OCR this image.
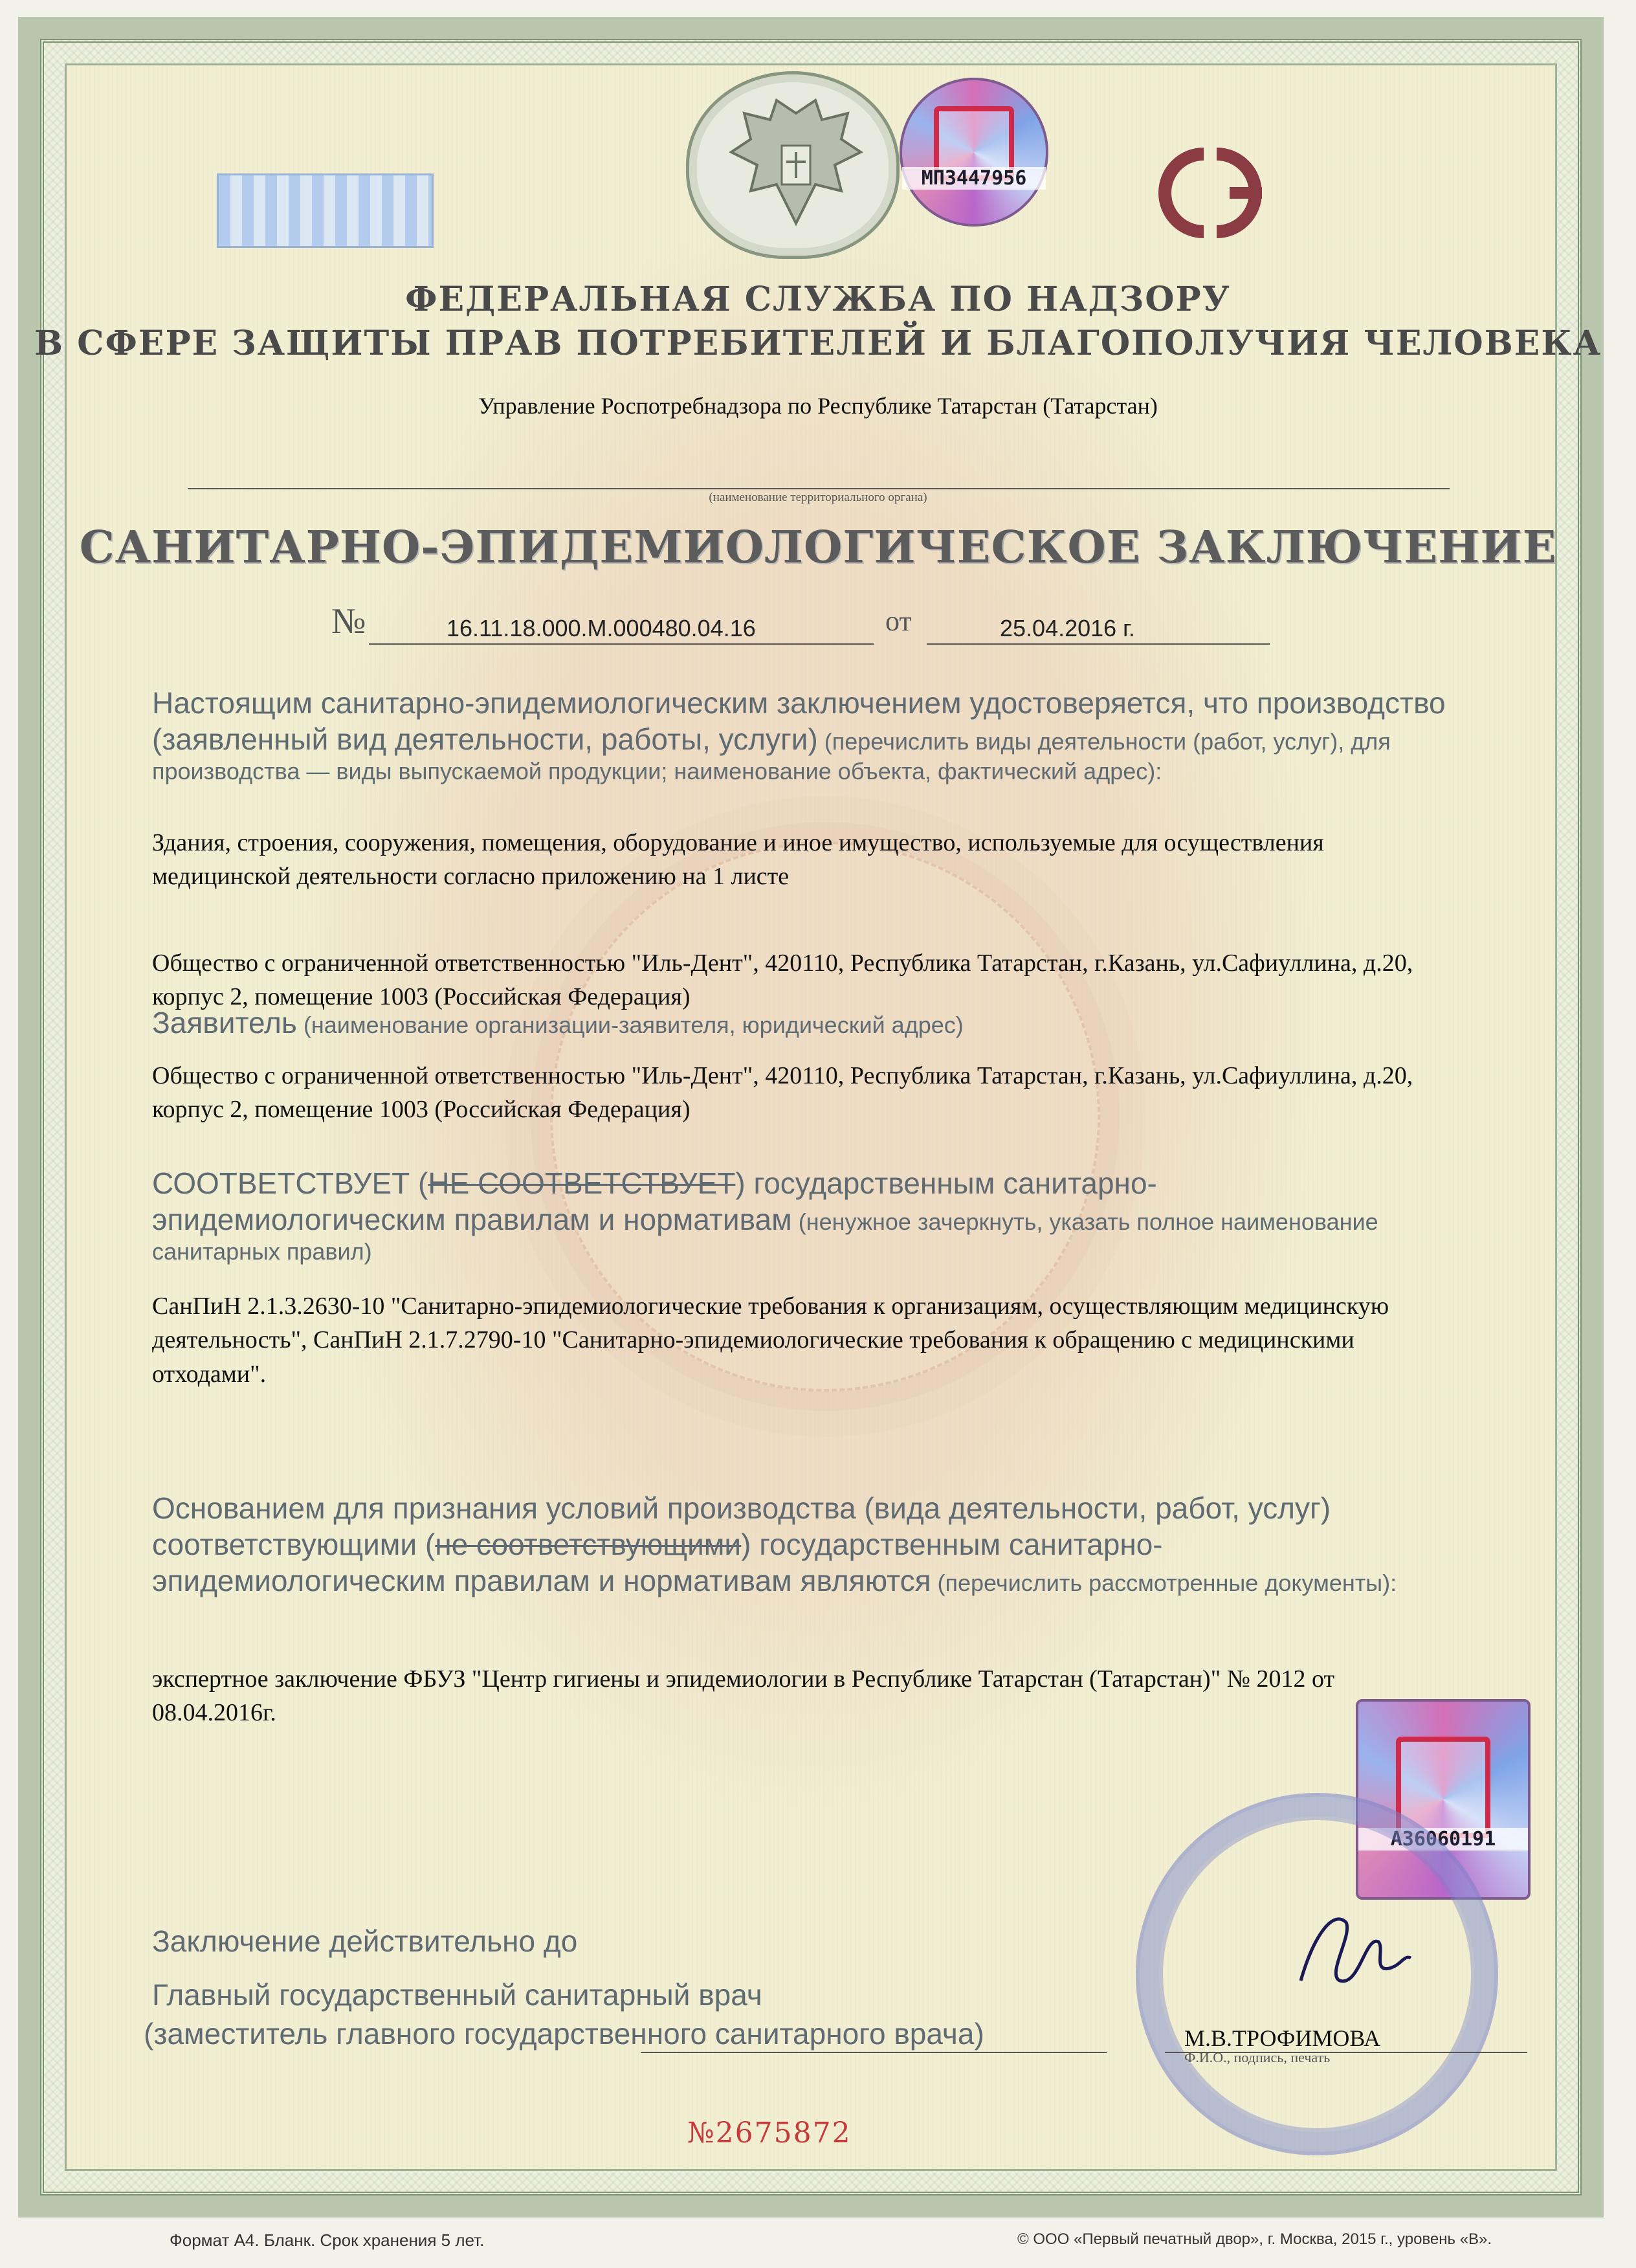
МП3447956
ФЕДЕРАЛЬНАЯ СЛУЖБА ПО НАДЗОРУ
В СФЕРЕ ЗАЩИТЫ ПРАВ ПОТРЕБИТЕЛЕЙ И БЛАГОПОЛУЧИЯ ЧЕЛОВЕКА
Управление Роспотребнадзора по Республике Татарстан (Татарстан)
(наименование территориального органа)
САНИТАРНО-ЭПИДЕМИОЛОГИЧЕСКОЕ ЗАКЛЮЧЕНИЕ
№	16.11.18.000.М.000480.04.16	от	25.04.2016 г.
Настоящим санитарно-эпидемиологическим заключением удостоверяется, что производство (заявленный вид деятельности, работы, услуги) (перечислить виды деятельности (работ, услуг), для производства — виды выпускаемой продукции; наименование объекта, фактический адрес):
Здания, строения, сооружения, помещения, оборудование и иное имущество, используемые для осуществления медицинской деятельности согласно приложению на 1 листе
Общество с ограниченной ответственностью "Иль-Дент", 420110, Республика Татарстан, г.Казань, ул.Сафиуллина, д.20, корпус 2, помещение 1003 (Российская Федерация)
Заявитель (наименование организации-заявителя, юридический адрес)
Общество с ограниченной ответственностью "Иль-Дент", 420110, Республика Татарстан, г.Казань, ул.Сафиуллина, д.20, корпус 2, помещение 1003 (Российская Федерация)
СООТВЕТСТВУЕТ (НЕ СООТВЕТСТВУЕТ) государственным санитарно-эпидемиологическим правилам и нормативам (ненужное зачеркнуть, указать полное наименование санитарных правил)
СанПиН 2.1.3.2630-10 "Санитарно-эпидемиологические требования к организациям, осуществляющим медицинскую деятельность", СанПиН 2.1.7.2790-10 "Санитарно-эпидемиологические требования к обращению с медицинскими отходами".
Основанием для признания условий производства (вида деятельности, работ, услуг) соответствующими (не соответствующими) государственным санитарно-эпидемиологическим правилам и нормативам являются (перечислить рассмотренные документы):
экспертное заключение ФБУЗ "Центр гигиены и эпидемиологии в Республике Татарстан (Татарстан)" № 2012 от 08.04.2016г.
А36060191
Заключение действительно до
Главный государственный санитарный врач
(заместитель главного государственного санитарного врача)	М.В.ТРОФИМОВА
Ф.И.О., подпись, печать
№2675872
Формат А4. Бланк. Срок хранения 5 лет.	© ООО «Первый печатный двор», г. Москва, 2015 г., уровень «В».
